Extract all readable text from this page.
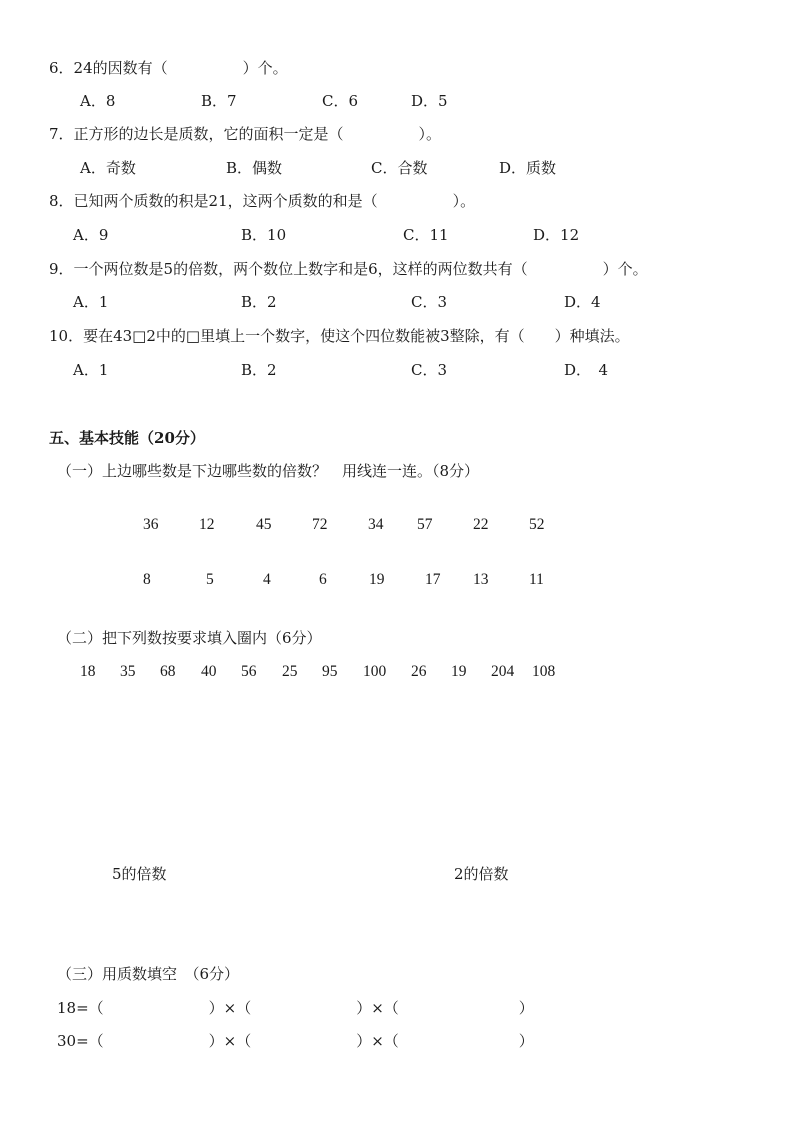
6．24的因数有（　　　　　）个。
A．8	B．7	C．6	D．5
7．正方形的边长是质数，它的面积一定是（　　　　　）。
A．奇数	B．偶数	C．合数	D．质数
8．已知两个质数的积是21，这两个质数的和是（　　　　　）。
A．9	B．10	C．11	D．12
9．一个两位数是5的倍数，两个数位上数字和是6，这样的两位数共有（　　　　　）个。
A．1	B．2	C．3	D．4
10．要在43□2中的□里填上一个数字，使这个四位数能被3整除，有（　　）种填法。
A．1	B．2	C．3	D．　4
五、基本技能（20分）
（一）上边哪些数是下边哪些数的倍数？　用线连一连。（8分）
36	12	45	72	34 57	22	52
8	5	4	6	19	17 13	11
（二）把下列数按要求填入圈内（6分）
18 35 68 40 56 25 95 100 26 19 204 108
5的倍数	2的倍数
（三）用质数填空　（6分）
18=（　　　　　　　）×（　　　　　　　）×（　　　　　　　　）
30=（　　　　　　　）×（　　　　　　　）×（　　　　　　　　）
